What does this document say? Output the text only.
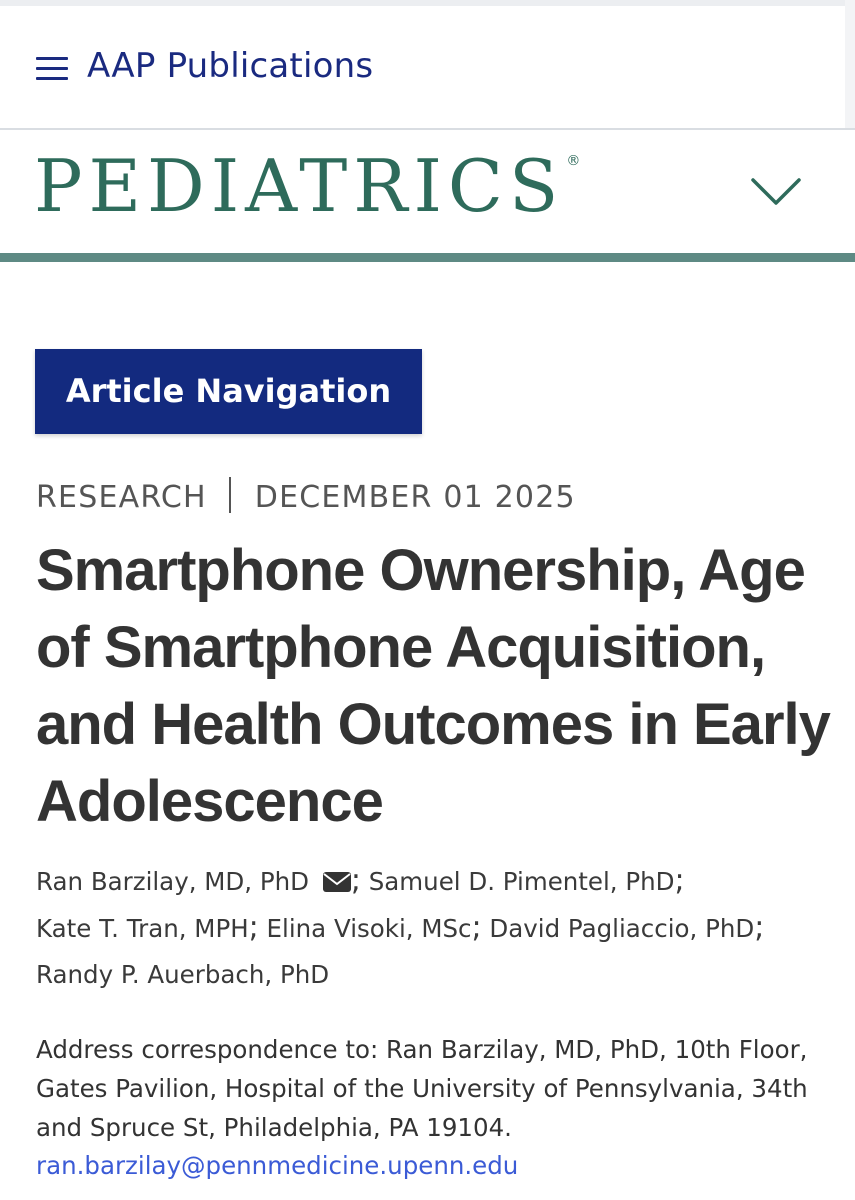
AAP Publications
PEDIATRICS ®
Article Navigation
RESEARCH DECEMBER 01 2025
Smartphone Ownership, Age of Smartphone Acquisition, and Health Outcomes in Early Adolescence
Ran Barzilay, MD, PhD ; Samuel D. Pimentel, PhD;
Kate T. Tran, MPH; Elina Visoki, MSc; David Pagliaccio, PhD;
Randy P. Auerbach, PhD

Address correspondence to: Ran Barzilay, MD, PhD, 10th Floor, Gates Pavilion, Hospital of the University of Pennsylvania, 34th and Spruce St, Philadelphia, PA 19104.

ran.barzilay@pennmedicine.upenn.edu
